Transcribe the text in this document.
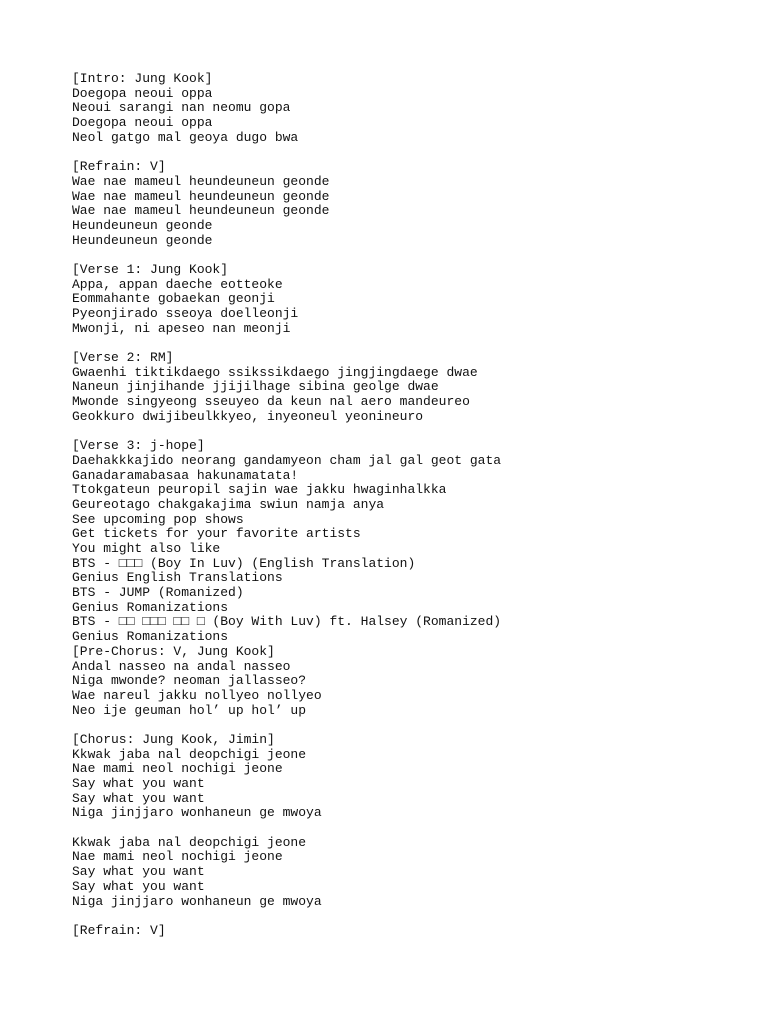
[Intro: Jung Kook]
Doegopa neoui oppa
Neoui sarangi nan neomu gopa
Doegopa neoui oppa
Neol gatgo mal geoya dugo bwa
[Refrain: V]
Wae nae mameul heundeuneun geonde
Wae nae mameul heundeuneun geonde
Wae nae mameul heundeuneun geonde
Heundeuneun geonde
Heundeuneun geonde
[Verse 1: Jung Kook]
Appa, appan daeche eotteoke
Eommahante gobaekan geonji
Pyeonjirado sseoya doelleonji
Mwonji, ni apeseo nan meonji
[Verse 2: RM]
Gwaenhi tiktikdaego ssikssikdaego jingjingdaege dwae
Naneun jinjihande jjijilhage sibina geolge dwae
Mwonde singyeong sseuyeo da keun nal aero mandeureo
Geokkuro dwijibeulkkyeo, inyeoneul yeonineuro
[Verse 3: j-hope]
Daehakkkajido neorang gandamyeon cham jal gal geot gata
Ganadaramabasaa hakunamatata!
Ttokgateun peuropil sajin wae jakku hwaginhalkka
Geureotago chakgakajima swiun namja anya
See upcoming pop shows
Get tickets for your favorite artists
You might also like
BTS - □□□ (Boy In Luv) (English Translation)
Genius English Translations
BTS - JUMP (Romanized)
Genius Romanizations
BTS - □□ □□□ □□ □ (Boy With Luv) ft. Halsey (Romanized)
Genius Romanizations
[Pre-Chorus: V, Jung Kook]
Andal nasseo na andal nasseo
Niga mwonde? neoman jallasseo?
Wae nareul jakku nollyeo nollyeo
Neo ije geuman hol’ up hol’ up
[Chorus: Jung Kook, Jimin]
Kkwak jaba nal deopchigi jeone
Nae mami neol nochigi jeone
Say what you want
Say what you want
Niga jinjjaro wonhaneun ge mwoya
Kkwak jaba nal deopchigi jeone
Nae mami neol nochigi jeone
Say what you want
Say what you want
Niga jinjjaro wonhaneun ge mwoya
[Refrain: V]
